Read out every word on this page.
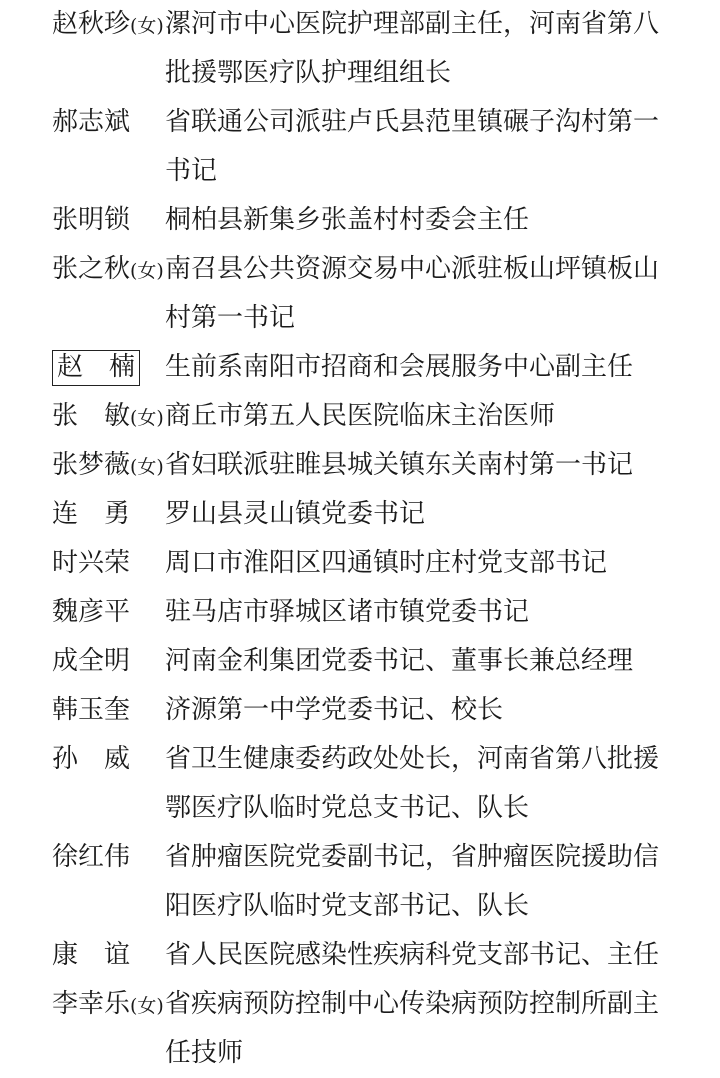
赵秋珍(女) 漯河市中心医院护理部副主任，河南省第八
批援鄂医疗队护理组组长
郝志斌	省联通公司派驻卢氏县范里镇碾子沟村第一
书记
张明锁	桐柏县新集乡张盖村村委会主任
张之秋(女) 南召县公共资源交易中心派驻板山坪镇板山
村第一书记
赵　楠	生前系南阳市招商和会展服务中心副主任
张　敏(女) 商丘市第五人民医院临床主治医师
张梦薇(女) 省妇联派驻睢县城关镇东关南村第一书记
连　勇	罗山县灵山镇党委书记
时兴荣	周口市淮阳区四通镇时庄村党支部书记
魏彦平	驻马店市驿城区诸市镇党委书记
成全明	河南金利集团党委书记、董事长兼总经理
韩玉奎	济源第一中学党委书记、校长
孙　威	省卫生健康委药政处处长，河南省第八批援
鄂医疗队临时党总支书记、队长
徐红伟	省肿瘤医院党委副书记，省肿瘤医院援助信
阳医疗队临时党支部书记、队长
康　谊	省人民医院感染性疾病科党支部书记、主任
李幸乐(女) 省疾病预防控制中心传染病预防控制所副主
任技师
